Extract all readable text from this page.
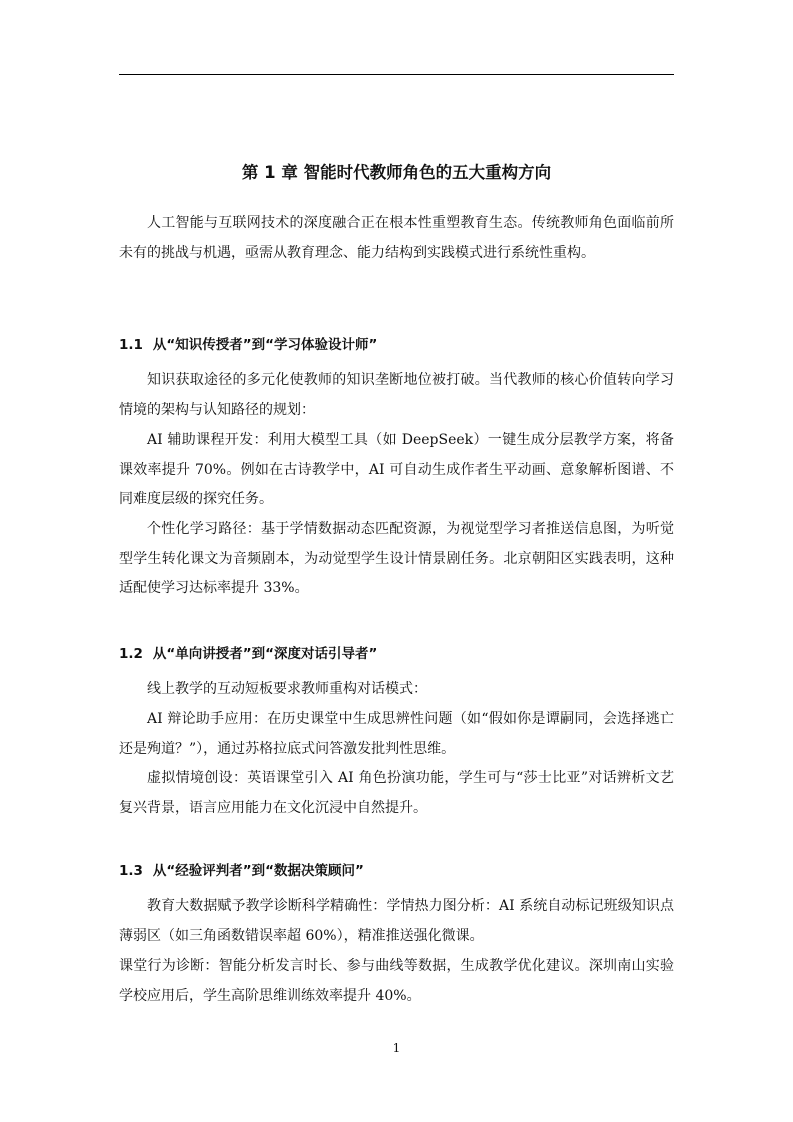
第 1 章 智能时代教师角色的五大重构方向

人工智能与互联网技术的深度融合正在根本性重塑教育生态。传统教师角色面临前所未有的挑战与机遇，亟需从教育理念、能力结构到实践模式进行系统性重构。

1.1 从“知识传授者”到“学习体验设计师”

知识获取途径的多元化使教师的知识垄断地位被打破。当代教师的核心价值转向学习情境的架构与认知路径的规划：

AI 辅助课程开发：利用大模型工具（如 DeepSeek）一键生成分层教学方案，将备课效率提升 70%。例如在古诗教学中，AI 可自动生成作者生平动画、意象解析图谱、不同难度层级的探究任务。

个性化学习路径：基于学情数据动态匹配资源，为视觉型学习者推送信息图，为听觉型学生转化课文为音频剧本，为动觉型学生设计情景剧任务。北京朝阳区实践表明，这种适配使学习达标率提升 33%。

1.2 从“单向讲授者”到“深度对话引导者”

线上教学的互动短板要求教师重构对话模式：

AI 辩论助手应用：在历史课堂中生成思辨性问题（如“假如你是谭嗣同，会选择逃亡还是殉道？”），通过苏格拉底式问答激发批判性思维。

虚拟情境创设：英语课堂引入 AI 角色扮演功能，学生可与“莎士比亚”对话辨析文艺复兴背景，语言应用能力在文化沉浸中自然提升。

1.3 从“经验评判者”到“数据决策顾问”

教育大数据赋予教学诊断科学精确性：学情热力图分析：AI 系统自动标记班级知识点薄弱区（如三角函数错误率超 60%），精准推送强化微课。

课堂行为诊断：智能分析发言时长、参与曲线等数据，生成教学优化建议。深圳南山实验学校应用后，学生高阶思维训练效率提升 40%。

1
